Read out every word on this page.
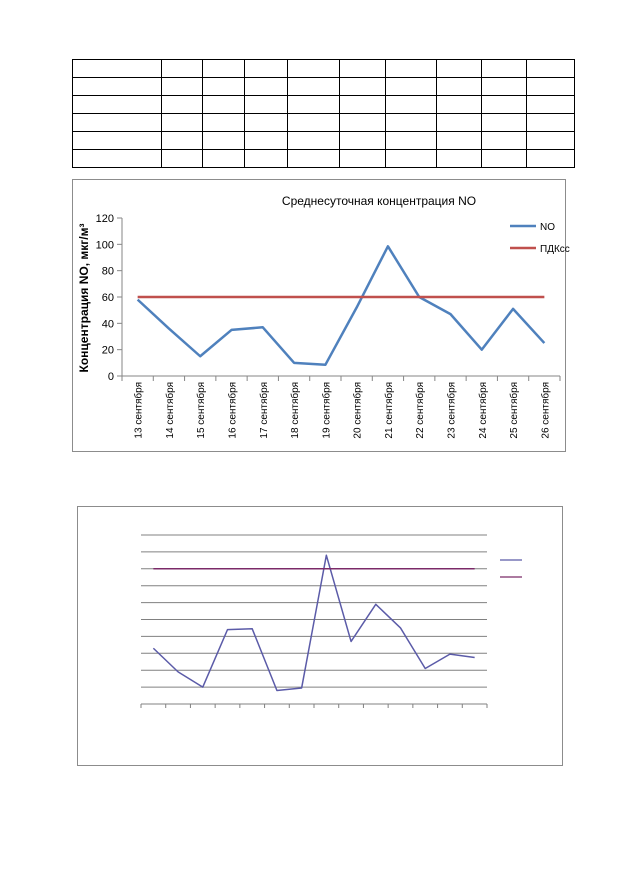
Среднесуточная концентрация NO
Концентрация NO, мкг/м³
0
20
40
60
80
100
120
13 сентября 14 сентября 15 сентября 16 сентября 17 сентября 18 сентября 19 сентября 20 сентября 21 сентября 22 сентября 23 сентября 24 сентября 25 сентября 26 сентября
NO
ПДКсс
